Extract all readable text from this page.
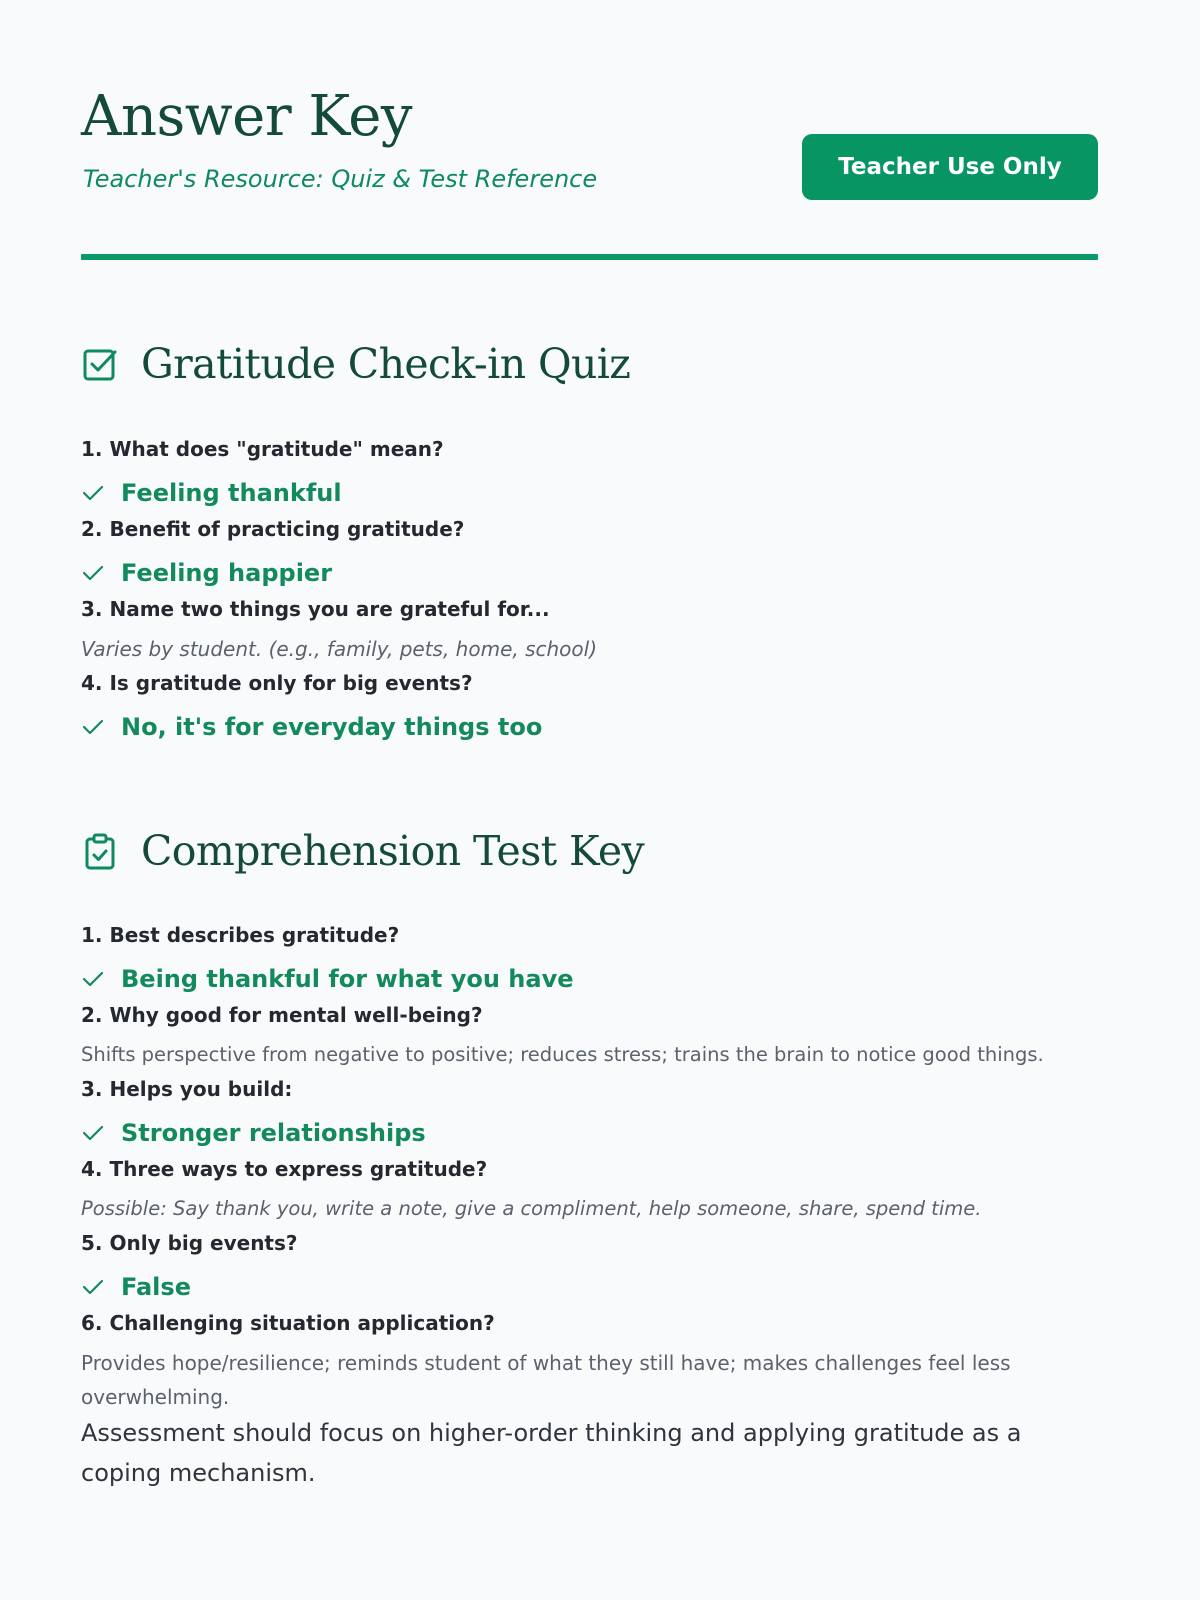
Answer Key

Teacher's Resource: Quiz & Test Reference	Teacher Use Only
Gratitude Check-in Quiz

1. What does "gratitude" mean?

Feeling thankful

2. Benefit of practicing gratitude?

Feeling happier

3. Name two things you are grateful for...

Varies by student. (e.g., family, pets, home, school)

4. Is gratitude only for big events?

No, it's for everyday things too

Comprehension Test Key

1. Best describes gratitude?

Being thankful for what you have

2. Why good for mental well-being?

Shifts perspective from negative to positive; reduces stress; trains the brain to notice good things.

3. Helps you build:

Stronger relationships

4. Three ways to express gratitude?

Possible: Say thank you, write a note, give a compliment, help someone, share, spend time.

5. Only big events?

False

6. Challenging situation application?

Provides hope/resilience; reminds student of what they still have; makes challenges feel less overwhelming.

Assessment should focus on higher-order thinking and applying gratitude as a coping mechanism.
